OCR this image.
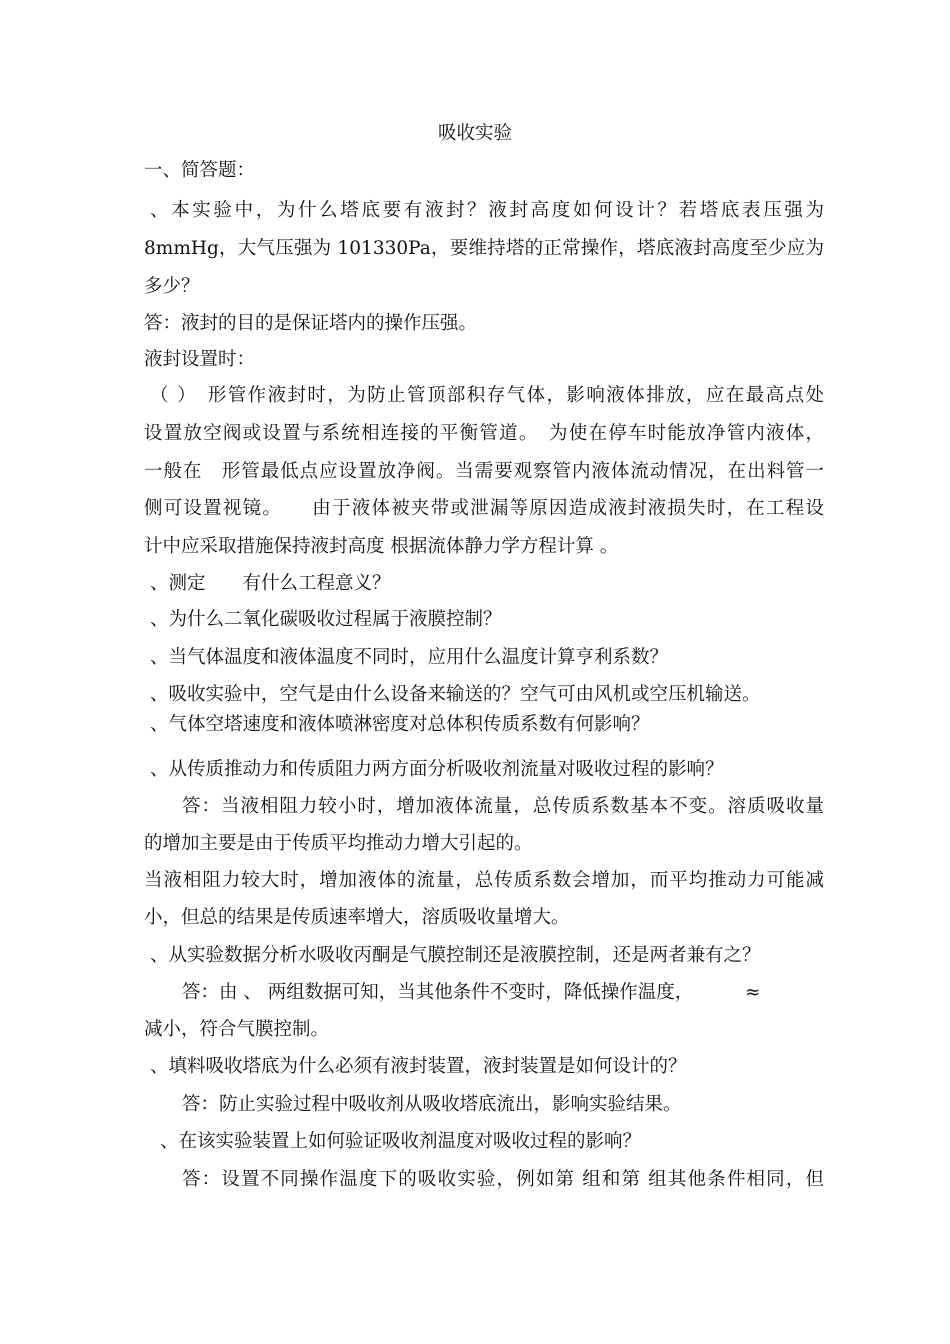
吸收实验
一、简答题：
、本实验中，为什么塔底要有液封？液封高度如何设计？若塔底表压强为
8mmHg，大气压强为 101330Pa，要维持塔的正常操作，塔底液封高度至少应为
多少？
答：液封的目的是保证塔内的操作压强。
液封设置时：
（ ）　形管作液封时，为防止管顶部积存气体，影响液体排放，应在最高点处
设置放空阀或设置与系统相连接的平衡管道。　为使在停车时能放净管内液体，
一般在　形管最低点应设置放净阀。当需要观察管内液体流动情况，在出料管一
侧可设置视镜。　　由于液体被夹带或泄漏等原因造成液封液损失时，在工程设
计中应采取措施保持液封高度 根据流体静力学方程计算 。
、测定　　有什么工程意义？
、为什么二氧化碳吸收过程属于液膜控制？
、当气体温度和液体温度不同时，应用什么温度计算亨利系数？
、吸收实验中，空气是由什么设备来输送的？空气可由风机或空压机输送。
、气体空塔速度和液体喷淋密度对总体积传质系数有何影响？
、从传质推动力和传质阻力两方面分析吸收剂流量对吸收过程的影响？
答：当液相阻力较小时，增加液体流量，总传质系数基本不变。溶质吸收量
的增加主要是由于传质平均推动力增大引起的。
当液相阻力较大时，增加液体的流量，总传质系数会增加，而平均推动力可能减
小，但总的结果是传质速率增大，溶质吸收量增大。
、从实验数据分析水吸收丙酮是气膜控制还是液膜控制，还是两者兼有之？
答：由 、 两组数据可知，当其他条件不变时，降低操作温度，	≈
减小，符合气膜控制。
、填料吸收塔底为什么必须有液封装置，液封装置是如何设计的？
答：防止实验过程中吸收剂从吸收塔底流出，影响实验结果。
、在该实验装置上如何验证吸收剂温度对吸收过程的影响？
答：设置不同操作温度下的吸收实验，例如第 组和第 组其他条件相同，但
